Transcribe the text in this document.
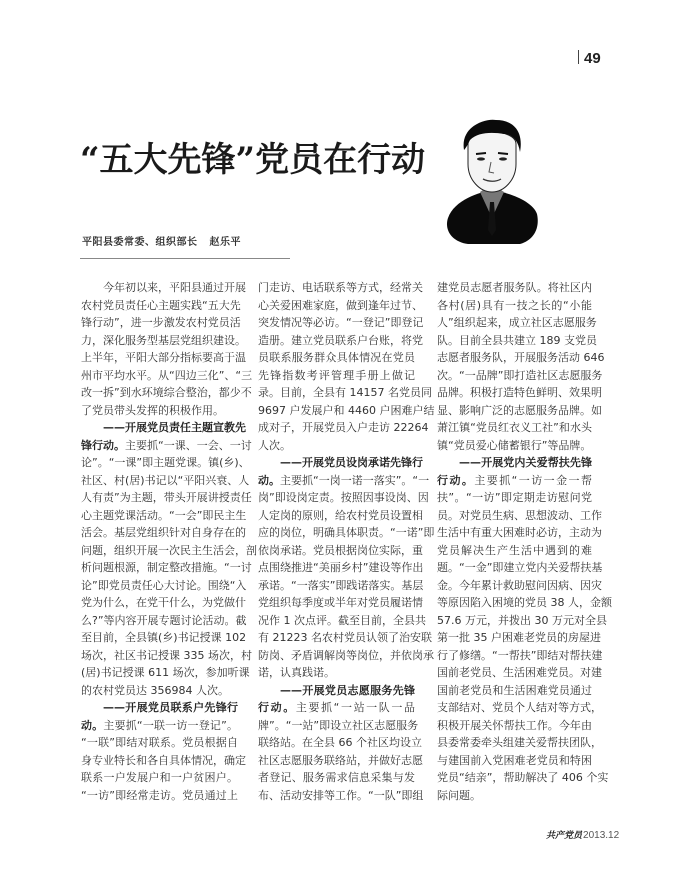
49
“五大先锋”党员在行动
平阳县委常委、组织部长 赵乐平
今年初以来，平阳县通过开展
农村党员责任心主题实践“五大先
锋行动”，进一步激发农村党员活
力，深化服务型基层党组织建设。
上半年，平阳大部分指标要高于温
州市平均水平。从“四边三化”、“三
改一拆”到水环境综合整治，都少不
了党员带头发挥的积极作用。
——开展党员责任主题宣教先
锋行动。主要抓“一课、一会、一讨
论”。“一课”即主题党课。镇(乡)、
社区、村(居)书记以“平阳兴衰、人
人有责”为主题，带头开展讲授责任
心主题党课活动。“一会”即民主生
活会。基层党组织针对自身存在的
问题，组织开展一次民主生活会，剖
析问题根源，制定整改措施。“一讨
论”即党员责任心大讨论。围绕“入
党为什么，在党干什么，为党做什
么?”等内容开展专题讨论活动。截
至目前，全县镇(乡)书记授课 102
场次，社区书记授课 335 场次，村
(居)书记授课 611 场次，参加听课
的农村党员达 356984 人次。
——开展党员联系户先锋行
动。主要抓“一联一访一登记”。
“一联”即结对联系。党员根据自
身专业特长和各自具体情况，确定
联系一户发展户和一户贫困户。
“一访”即经常走访。党员通过上
门走访、电话联系等方式，经常关
心关爱困难家庭，做到逢年过节、
突发情况等必访。“一登记”即登记
造册。建立党员联系户台账，将党
员联系服务群众具体情况在党员
先锋指数考评管理手册上做记
录。目前，全县有 14157 名党员同
9697 户发展户和 4460 户困难户结
成对子，开展党员入户走访 22264
人次。
——开展党员设岗承诺先锋行
动。主要抓“一岗一诺一落实”。“一
岗”即设岗定责。按照因事设岗、因
人定岗的原则，给农村党员设置相
应的岗位，明确具体职责。“一诺”即
依岗承诺。党员根据岗位实际，重
点围绕推进“美丽乡村”建设等作出
承诺。“一落实”即践诺落实。基层
党组织每季度或半年对党员履诺情
况作 1 次点评。截至目前，全县共
有 21223 名农村党员认领了治安联
防岗、矛盾调解岗等岗位，并依岗承
诺，认真践诺。
——开展党员志愿服务先锋
行动。主要抓“一站一队一品
牌”。“一站”即设立社区志愿服务
联络站。在全县 66 个社区均设立
社区志愿服务联络站，并做好志愿
者登记、服务需求信息采集与发
布、活动安排等工作。“一队”即组
建党员志愿者服务队。将社区内
各村(居)具有一技之长的“小能
人”组织起来，成立社区志愿服务
队。目前全县共建立 189 支党员
志愿者服务队，开展服务活动 646
次。“一品牌”即打造社区志愿服务
品牌。积极打造特色鲜明、效果明
显、影响广泛的志愿服务品牌。如
萧江镇“党员红衣义工社”和水头
镇“党员爱心储蓄银行”等品牌。
——开展党内关爱帮扶先锋
行动。主要抓“一访一金一帮
扶”。“一访”即定期走访慰问党
员。对党员生病、思想波动、工作
生活中有重大困难时必访，主动为
党员解决生产生活中遇到的难
题。“一金”即建立党内关爱帮扶基
金。今年累计救助慰问因病、因灾
等原因陷入困境的党员 38 人，金额
57.6 万元，并拨出 30 万元对全县
第一批 35 户困难老党员的房屋进
行了修缮。“一帮扶”即结对帮扶建
国前老党员、生活困难党员。对建
国前老党员和生活困难党员通过
支部结对、党员个人结对等方式，
积极开展关怀帮扶工作。今年由
县委常委牵头组建关爱帮扶团队，
与建国前入党困难老党员和特困
党员“结亲”，帮助解决了 406 个实
际问题。
共产党员2013.12
